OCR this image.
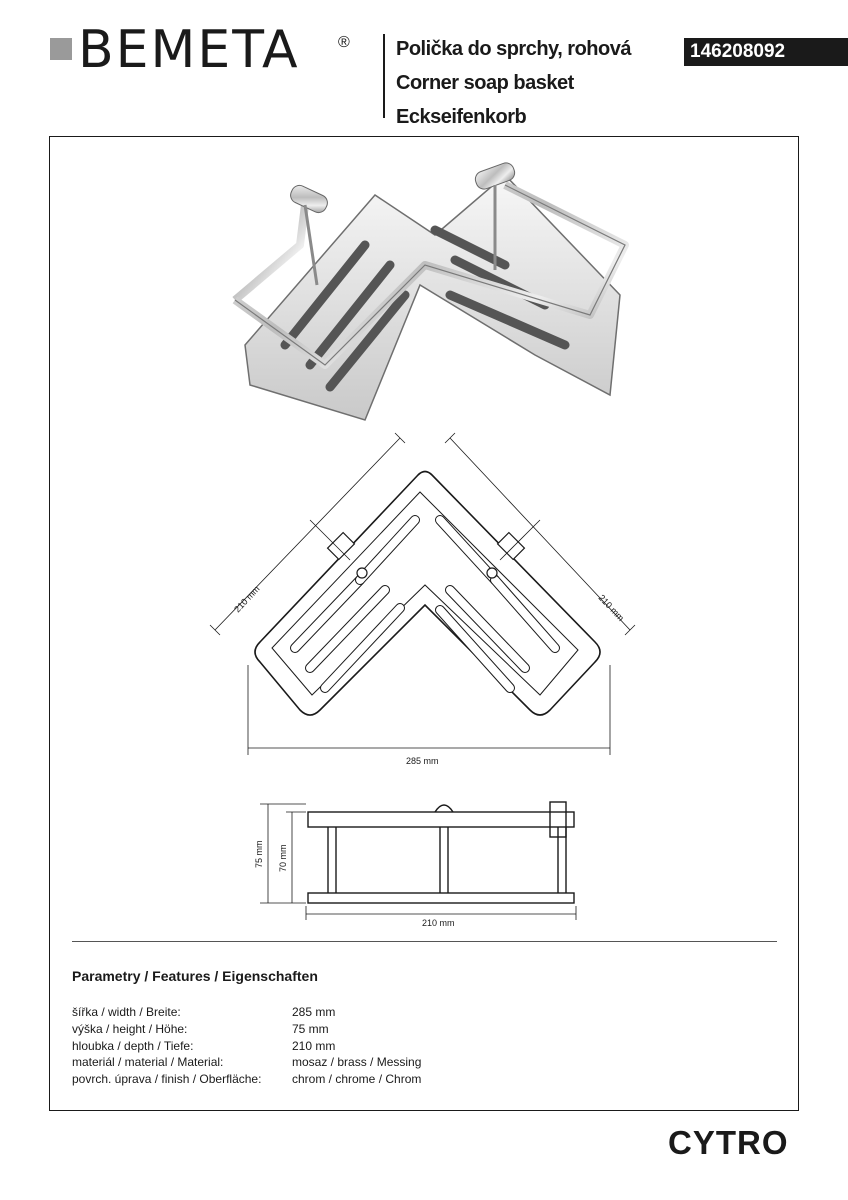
BEMETA ® Polička do sprchy, rohová
Corner soap basket
Eckseifenkorb
146208092
210 mm	210 mm
285 mm
75 mm 70 mm
210 mm
Parametry / Features / Eigenschaften
šířka / width / Breite:	285 mm
výška / height / Höhe:	75 mm
hloubka / depth / Tiefe:	210 mm
materiál / material / Material:	mosaz / brass / Messing
povrch. úprava / finish / Oberfläche:	chrom / chrome / Chrom
CYTRO
